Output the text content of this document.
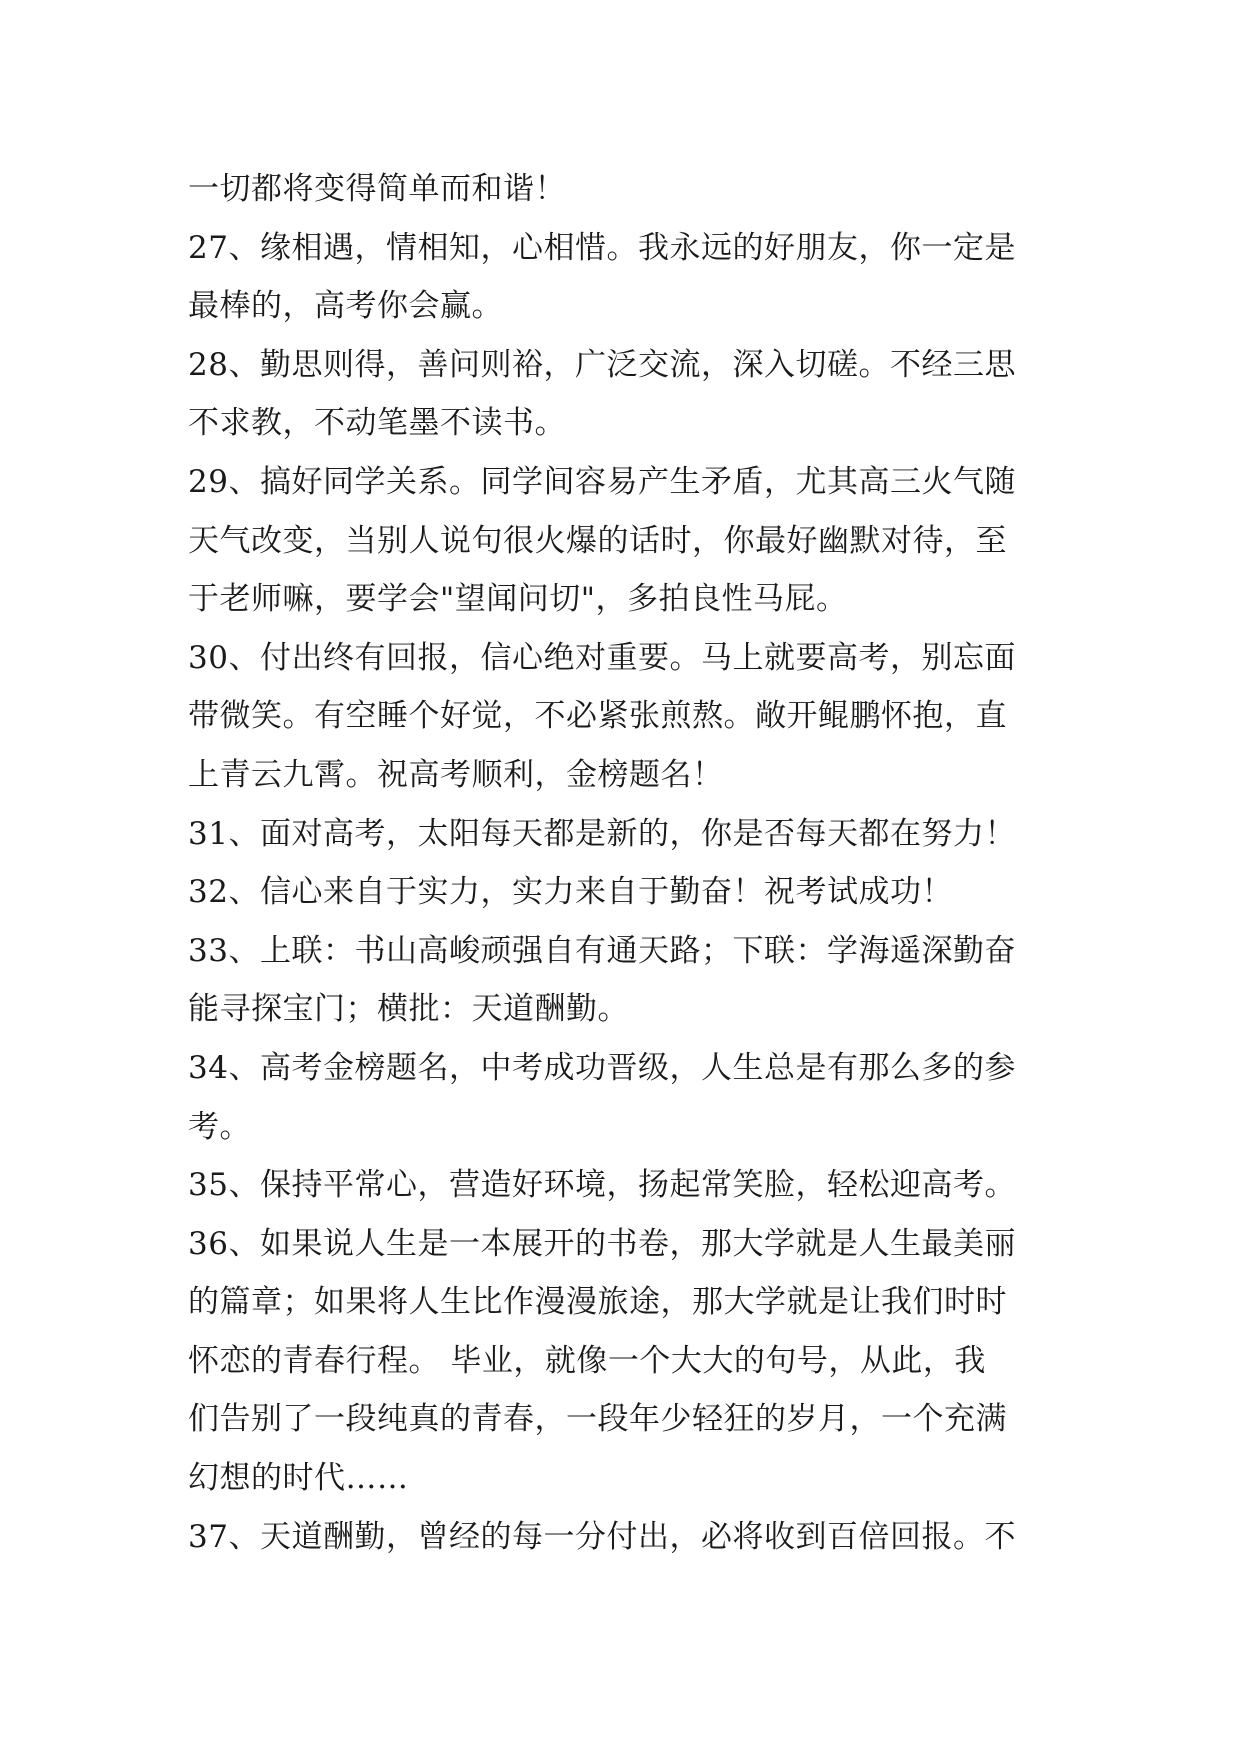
一切都将变得简单而和谐！
27、缘相遇，情相知，心相惜。我永远的好朋友，你一定是
最棒的，高考你会赢。
28、勤思则得，善问则裕，广泛交流，深入切磋。不经三思
不求教，不动笔墨不读书。
29、搞好同学关系。同学间容易产生矛盾，尤其高三火气随
天气改变，当别人说句很火爆的话时，你最好幽默对待，至
于老师嘛，要学会"望闻问切"，多拍良性马屁。
30、付出终有回报，信心绝对重要。马上就要高考，别忘面
带微笑。有空睡个好觉，不必紧张煎熬。敞开鲲鹏怀抱，直
上青云九霄。祝高考顺利，金榜题名！
31、面对高考，太阳每天都是新的，你是否每天都在努力！
32、信心来自于实力，实力来自于勤奋！祝考试成功！
33、上联：书山高峻顽强自有通天路；下联：学海遥深勤奋
能寻探宝门；横批：天道酬勤。
34、高考金榜题名，中考成功晋级，人生总是有那么多的参
考。
35、保持平常心，营造好环境，扬起常笑脸，轻松迎高考。
36、如果说人生是一本展开的书卷，那大学就是人生最美丽
的篇章；如果将人生比作漫漫旅途，那大学就是让我们时时
怀恋的青春行程。 毕业，就像一个大大的句号，从此，我
们告别了一段纯真的青春，一段年少轻狂的岁月，一个充满
幻想的时代……
37、天道酬勤，曾经的每一分付出，必将收到百倍回报。不
